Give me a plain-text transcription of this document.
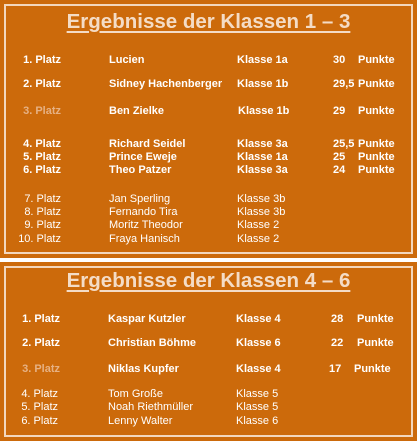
Ergebnisse der Klassen 1 – 3
1. Platz	Lucien	Klasse 1a	30 Punkte
2. Platz	Sidney Hachenberger Klasse 1b	29,5 Punkte
3. Platz	Ben Zielke	Klasse 1b	29 Punkte
4. Platz	Richard Seidel	Klasse 3a	25,5 Punkte
5. Platz	Prince Eweje	Klasse 1a	25 Punkte
6. Platz	Theo Patzer	Klasse 3a	24 Punkte
7. Platz	Jan Sperling	Klasse 3b
8. Platz	Fernando Tira	Klasse 3b
9. Platz	Moritz Theodor	Klasse 2
10. Platz	Fraya Hanisch	Klasse 2
Ergebnisse der Klassen 4 – 6
1. Platz	Kaspar Kutzler	Klasse 4	28 Punkte
2. Platz	Christian Böhme	Klasse 6	22 Punkte
3. Platz	Niklas Kupfer	Klasse 4	17 Punkte
4. Platz	Tom Große	Klasse 5
5. Platz	Noah Riethmüller	Klasse 5
6. Platz	Lenny Walter	Klasse 6
